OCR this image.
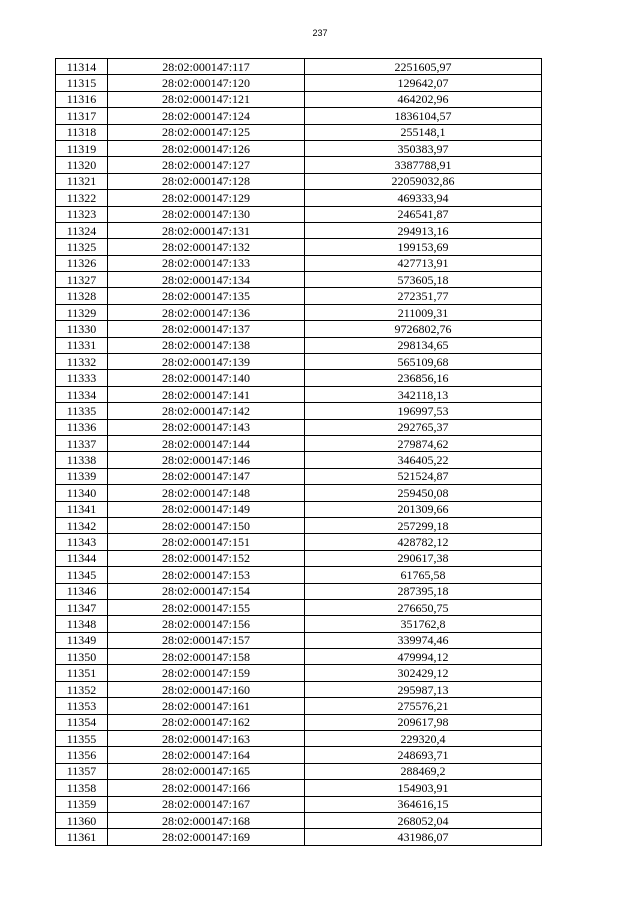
237
11314	28:02:000147:117	2251605,97
11315	28:02:000147:120	129642,07
11316	28:02:000147:121	464202,96
11317	28:02:000147:124	1836104,57
11318	28:02:000147:125	255148,1
11319	28:02:000147:126	350383,97
11320	28:02:000147:127	3387788,91
11321	28:02:000147:128	22059032,86
11322	28:02:000147:129	469333,94
11323	28:02:000147:130	246541,87
11324	28:02:000147:131	294913,16
11325	28:02:000147:132	199153,69
11326	28:02:000147:133	427713,91
11327	28:02:000147:134	573605,18
11328	28:02:000147:135	272351,77
11329	28:02:000147:136	211009,31
11330	28:02:000147:137	9726802,76
11331	28:02:000147:138	298134,65
11332	28:02:000147:139	565109,68
11333	28:02:000147:140	236856,16
11334	28:02:000147:141	342118,13
11335	28:02:000147:142	196997,53
11336	28:02:000147:143	292765,37
11337	28:02:000147:144	279874,62
11338	28:02:000147:146	346405,22
11339	28:02:000147:147	521524,87
11340	28:02:000147:148	259450,08
11341	28:02:000147:149	201309,66
11342	28:02:000147:150	257299,18
11343	28:02:000147:151	428782,12
11344	28:02:000147:152	290617,38
11345	28:02:000147:153	61765,58
11346	28:02:000147:154	287395,18
11347	28:02:000147:155	276650,75
11348	28:02:000147:156	351762,8
11349	28:02:000147:157	339974,46
11350	28:02:000147:158	479994,12
11351	28:02:000147:159	302429,12
11352	28:02:000147:160	295987,13
11353	28:02:000147:161	275576,21
11354	28:02:000147:162	209617,98
11355	28:02:000147:163	229320,4
11356	28:02:000147:164	248693,71
11357	28:02:000147:165	288469,2
11358	28:02:000147:166	154903,91
11359	28:02:000147:167	364616,15
11360	28:02:000147:168	268052,04
11361	28:02:000147:169	431986,07
